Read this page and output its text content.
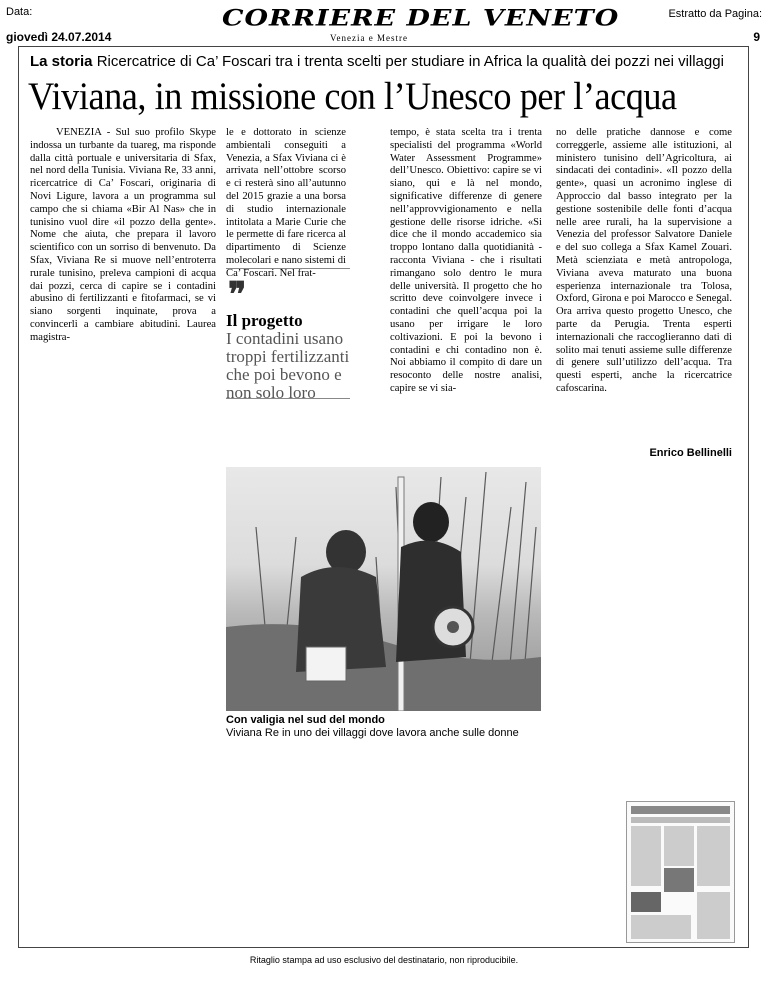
Data:
giovedì 24.07.2014
CORRIERE DEL VENETO
Venezia e Mestre
Estratto da Pagina:
9
La storia Ricercatrice di Ca’ Foscari tra i trenta scelti per studiare in Africa la qualità dei pozzi nei villaggi
Viviana, in missione con l’Unesco per l’acqua
VENEZIA - Sul suo profilo Skype indossa un turbante da tuareg, ma risponde dalla città portuale e universitaria di Sfax, nel nord della Tunisia. Viviana Re, 33 anni, ricercatrice di Ca’ Foscari, originaria di Novi Ligure, lavora a un programma sul campo che si chiama «Bir Al Nas» che in tunisino vuol dire «il pozzo della gente». Nome che aiuta, che prepara il lavoro scientifico con un sorriso di benvenuto. Da Sfax, Viviana Re si muove nell’entroterra rurale tunisino, preleva campioni di acqua dai pozzi, cerca di capire se i contadini abusino di fertilizzanti e fitofarmaci, se vi siano sorgenti inquinate, prova a convincerli a cambiare abitudini. Laurea magistra-
le e dottorato in scienze ambientali conseguiti a Venezia, a Sfax Viviana ci è arrivata nell’ottobre scorso e ci resterà sino all’autunno del 2015 grazie a una borsa di studio internazionale intitolata a Marie Curie che le permette di fare ricerca al dipartimento di Scienze molecolari e nano sistemi di Ca’ Foscari. Nel frat-
❞
Il progetto
I contadini usano troppi fertilizzanti che poi bevono e non solo loro
tempo, è stata scelta tra i trenta specialisti del programma «World Water Assessment Programme» dell’Unesco. Obiettivo: capire se vi siano, qui e là nel mondo, significative differenze di genere nell’approvvigionamento e nella gestione delle risorse idriche. «Si dice che il mondo accademico sia troppo lontano dalla quotidianità - racconta Viviana - che i risultati rimangano solo dentro le mura delle università. Il progetto che ho scritto deve coinvolgere invece i contadini che quell’acqua poi la usano per irrigare le loro coltivazioni. E poi la bevono i contadini e chi contadino non è. Noi abbiamo il compito di dare un resoconto delle nostre analisi, capire se vi sia-
no delle pratiche dannose e come correggerle, assieme alle istituzioni, al ministero tunisino dell’Agricoltura, ai sindacati dei contadini». «Il pozzo della gente», quasi un acronimo inglese di Approccio dal basso integrato per la gestione sostenibile delle fonti d’acqua nelle aree rurali, ha la supervisione a Venezia del professor Salvatore Daniele e del suo collega a Sfax Kamel Zouari. Metà scienziata e metà antropologa, Viviana aveva maturato una buona esperienza internazionale tra Tolosa, Oxford, Girona e poi Marocco e Senegal. Ora arriva questo progetto Unesco, che parte da Perugia. Trenta esperti internazionali che raccoglieranno dati di solito mai tenuti assieme sulle differenze di genere sull’utilizzo dell’acqua. Tra questi esperti, anche la ricercatrice cafoscarina.
Enrico Bellinelli
Con valigia nel sud del mondo
Viviana Re in uno dei villaggi dove lavora anche sulle donne
Ritaglio stampa ad uso esclusivo del destinatario, non riproducibile.
